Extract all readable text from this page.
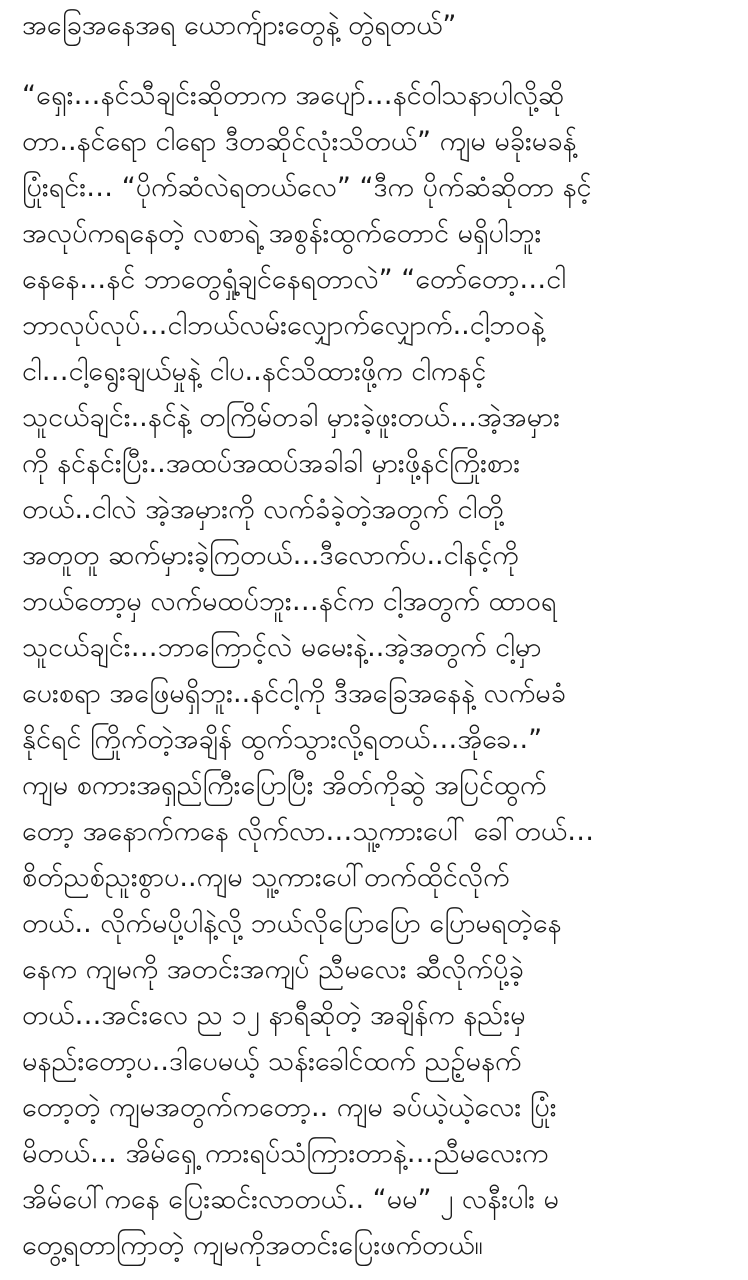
အခြေအနေအရ ယောက်ျားတွေနဲ့ တွဲရတယ်”
“ရှေး…နင်သီချင်းဆိုတာက အပျော်…နင်ဝါသနာပါလို့ဆို
တာ..နင်ရော ငါရော ဒီတဆိုင်လုံးသိတယ်” ကျမ မခိုးမခန့်
ပြုံးရင်း… “ပိုက်ဆံလဲရတယ်လေ” “ဒီက ပိုက်ဆံဆိုတာ နင့်
အလုပ်ကရနေတဲ့ လစာရဲ့ အစွန်းထွက်တောင် မရှိပါဘူး
နေနေ…နင် ဘာတွေရှုံ့ချင်နေရတာလဲ” “တော်တော့…ငါ
ဘာလုပ်လုပ်…ငါဘယ်လမ်းလျှောက်လျှောက်..ငါ့ဘဝနဲ့
ငါ…ငါ့ရွေးချယ်မှုနဲ့ ငါပ..နင်သိထားဖို့က ငါကနင့်
သူငယ်ချင်း..နင်နဲ့ တကြိမ်တခါ မှားခဲ့ဖူးတယ်…အဲ့အမှား
ကို နင်နင်းပြီး..အထပ်အထပ်အခါခါ မှားဖို့နင်ကြိုးစား
တယ်..ငါလဲ အဲ့အမှားကို လက်ခံခဲ့တဲ့အတွက် ငါတို့
အတူတူ ဆက်မှားခဲ့ကြတယ်…ဒီလောက်ပ..ငါနင့်ကို
ဘယ်တော့မှ လက်မထပ်ဘူး…နင်က ငါ့အတွက် ထာဝရ
သူငယ်ချင်း…ဘာကြောင့်လဲ မမေးနဲ့..အဲ့အတွက် ငါ့မှာ
ပေးစရာ အဖြေမရှိဘူး..နင်ငါ့ကို ဒီအခြေအနေနဲ့ လက်မခံ
နိုင်ရင် ကြိုက်တဲ့အချိန် ထွက်သွားလို့ရတယ်…အိုခေ..”
ကျမ စကားအရှည်ကြီးပြောပြီး အိတ်ကိုဆွဲ အပြင်ထွက်
တော့ အနောက်ကနေ လိုက်လာ…သူ့ကားပေါ် ခေါ်တယ်…
စိတ်ညစ်ညူးစွာပ..ကျမ သူ့ကားပေါ်တက်ထိုင်လိုက်
တယ်.. လိုက်မပို့ပါနဲ့လို့ ဘယ်လိုပြောပြော ပြောမရတဲ့နေ
နေက ကျမကို အတင်းအကျပ် ညီမလေး ဆီလိုက်ပို့ခဲ့
တယ်…အင်းလေ ည ၁၂ နာရီဆိုတဲ့ အချိန်က နည်းမှ
မနည်းတော့ပ..ဒါပေမယ့် သန်းခေါင်ထက် ညဉ့်မနက်
တော့တဲ့ ကျမအတွက်ကတော့.. ကျမ ခပ်ယဲ့ယဲ့လေး ပြုံး
မိတယ်… အိမ်ရှေ့ ကားရပ်သံကြားတာနဲ့…ညီမလေးက
အိမ်ပေါ်ကနေ ပြေးဆင်းလာတယ်.. “မမ” ၂ လနီးပါး မ
တွေ့ရတာကြာတဲ့ ကျမကိုအတင်းပြေးဖက်တယ်။
